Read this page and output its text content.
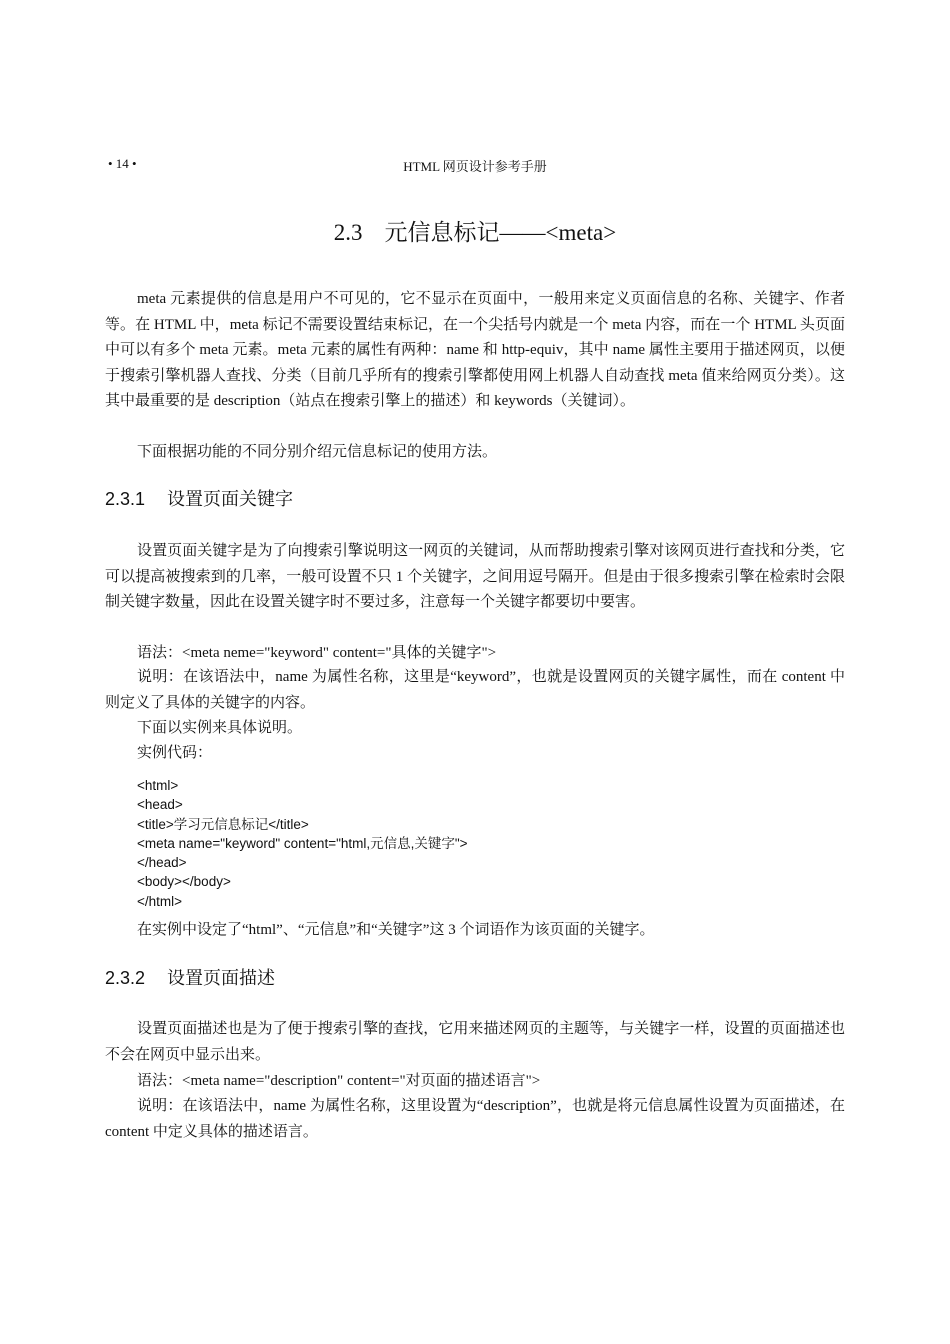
• 14 •	HTML 网页设计参考手册
2.3 元信息标记——<meta>

meta 元素提供的信息是用户不可见的，它不显示在页面中，一般用来定义页面信息的名称、关键字、作者等。在 HTML 中，meta 标记不需要设置结束标记，在一个尖括号内就是一个 meta 内容，而在一个 HTML 头页面中可以有多个 meta 元素。meta 元素的属性有两种：name 和 http-equiv，其中 name 属性主要用于描述网页，以便于搜索引擎机器人查找、分类（目前几乎所有的搜索引擎都使用网上机器人自动查找 meta 值来给网页分类）。这其中最重要的是 description（站点在搜索引擎上的描述）和 keywords（关键词）。

下面根据功能的不同分别介绍元信息标记的使用方法。

2.3.1 设置页面关键字

设置页面关键字是为了向搜索引擎说明这一网页的关键词，从而帮助搜索引擎对该网页进行查找和分类，它可以提高被搜索到的几率，一般可设置不只 1 个关键字，之间用逗号隔开。但是由于很多搜索引擎在检索时会限制关键字数量，因此在设置关键字时不要过多，注意每一个关键字都要切中要害。

语法：<meta neme="keyword" content="具体的关键字">

说明：在该语法中，name 为属性名称，这里是“keyword”，也就是设置网页的关键字属性，而在 content 中则定义了具体的关键字的内容。

下面以实例来具体说明。

实例代码：

<html>
<head>
<title>学习元信息标记</title>
<meta name="keyword" content="html,元信息,关键字">
</head>
<body></body>
</html>

在实例中设定了“html”、“元信息”和“关键字”这 3 个词语作为该页面的关键字。

2.3.2 设置页面描述

设置页面描述也是为了便于搜索引擎的查找，它用来描述网页的主题等，与关键字一样，设置的页面描述也不会在网页中显示出来。

语法：<meta name="description" content="对页面的描述语言">

说明：在该语法中，name 为属性名称，这里设置为“description”，也就是将元信息属性设置为页面描述，在 content 中定义具体的描述语言。
